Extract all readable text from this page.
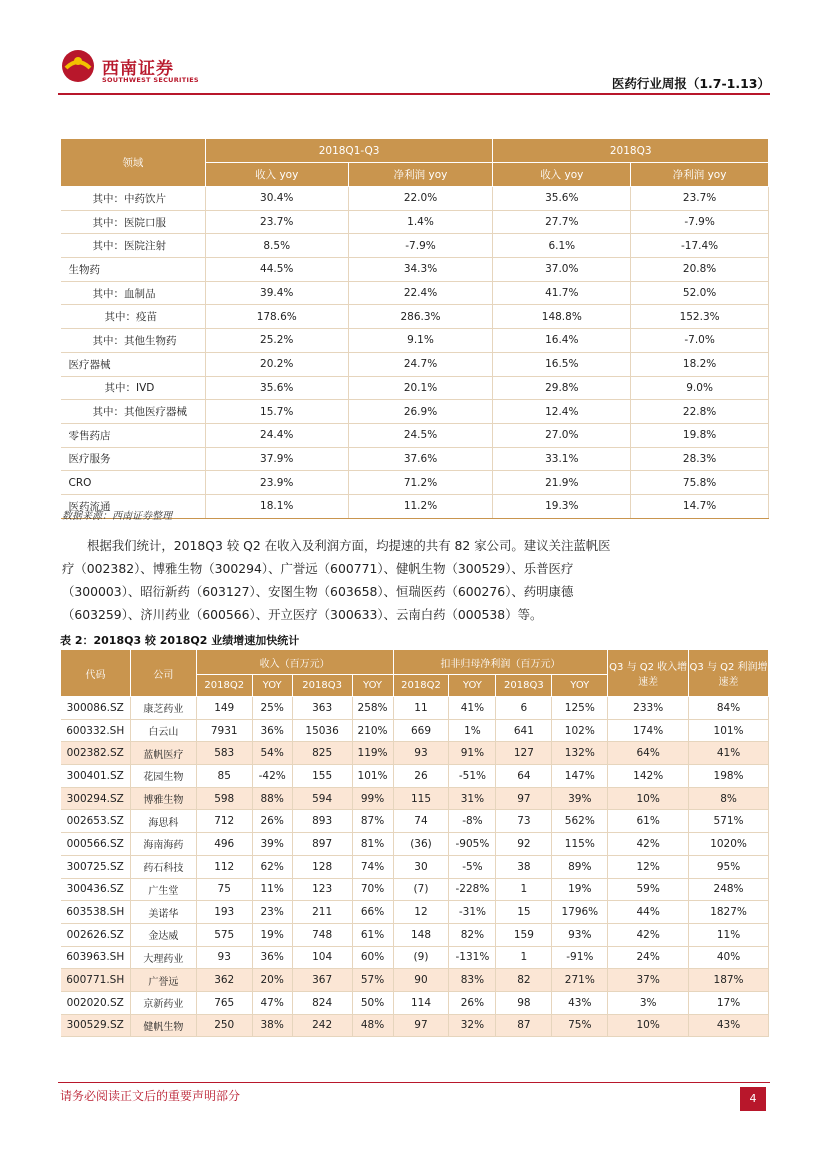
西南证券
SOUTHWEST SECURITIES	医药行业周报（1.7-1.13）
领域	2018Q1-Q3		2018Q3	
	收入 yoy	净利润 yoy	收入 yoy	净利润 yoy
其中：中药饮片	30.4%	22.0%	35.6%	23.7%
其中：医院口服	23.7%	1.4%	27.7%	-7.9%
其中：医院注射	8.5%	-7.9%	6.1%	-17.4%
生物药	44.5%	34.3%	37.0%	20.8%
其中：血制品	39.4%	22.4%	41.7%	52.0%
其中：疫苗	178.6%	286.3%	148.8%	152.3%
其中：其他生物药	25.2%	9.1%	16.4%	-7.0%
医疗器械	20.2%	24.7%	16.5%	18.2%
其中：IVD	35.6%	20.1%	29.8%	9.0%
其中：其他医疗器械	15.7%	26.9%	12.4%	22.8%
零售药店	24.4%	24.5%	27.0%	19.8%
医疗服务	37.9%	37.6%	33.1%	28.3%
CRO	23.9%	71.2%	21.9%	75.8%
医药流通	18.1%	11.2%	19.3%	14.7%
数据来源：西南证券整理
根据我们统计，2018Q3 较 Q2 在收入及利润方面，均提速的共有 82 家公司。建议关注蓝帆医疗（002382）、博雅生物（300294）、广誉远（600771）、健帆生物（300529）、乐普医疗（300003）、昭衍新药（603127）、安图生物（603658）、恒瑞医药（600276）、药明康德（603259）、济川药业（600566）、开立医疗（300633）、云南白药（000538）等。
表 2：2018Q3 较 2018Q2 业绩增速加快统计
代码	公司	收入（百万元）				扣非归母净利润（百万元）				Q3 与 Q2 收入增速差	Q3 与 Q2 利润增速差
		2018Q2	YOY	2018Q3	YOY	2018Q2	YOY	2018Q3	YOY		
300086.SZ	康芝药业	149	25%	363	258%	11	41%	6	125%	233%	84%
600332.SH	白云山	7931	36%	15036	210%	669	1%	641	102%	174%	101%
002382.SZ	蓝帆医疗	583	54%	825	119%	93	91%	127	132%	64%	41%
300401.SZ	花园生物	85	-42%	155	101%	26	-51%	64	147%	142%	198%
300294.SZ	博雅生物	598	88%	594	99%	115	31%	97	39%	10%	8%
002653.SZ	海思科	712	26%	893	87%	74	-8%	73	562%	61%	571%
000566.SZ	海南海药	496	39%	897	81%	(36)	-905%	92	115%	42%	1020%
300725.SZ	药石科技	112	62%	128	74%	30	-5%	38	89%	12%	95%
300436.SZ	广生堂	75	11%	123	70%	(7)	-228%	1	19%	59%	248%
603538.SH	美诺华	193	23%	211	66%	12	-31%	15	1796%	44%	1827%
002626.SZ	金达威	575	19%	748	61%	148	82%	159	93%	42%	11%
603963.SH	大理药业	93	36%	104	60%	(9)	-131%	1	-91%	24%	40%
600771.SH	广誉远	362	20%	367	57%	90	83%	82	271%	37%	187%
002020.SZ	京新药业	765	47%	824	50%	114	26%	98	43%	3%	17%
300529.SZ	健帆生物	250	38%	242	48%	97	32%	87	75%	10%	43%
请务必阅读正文后的重要声明部分	4
